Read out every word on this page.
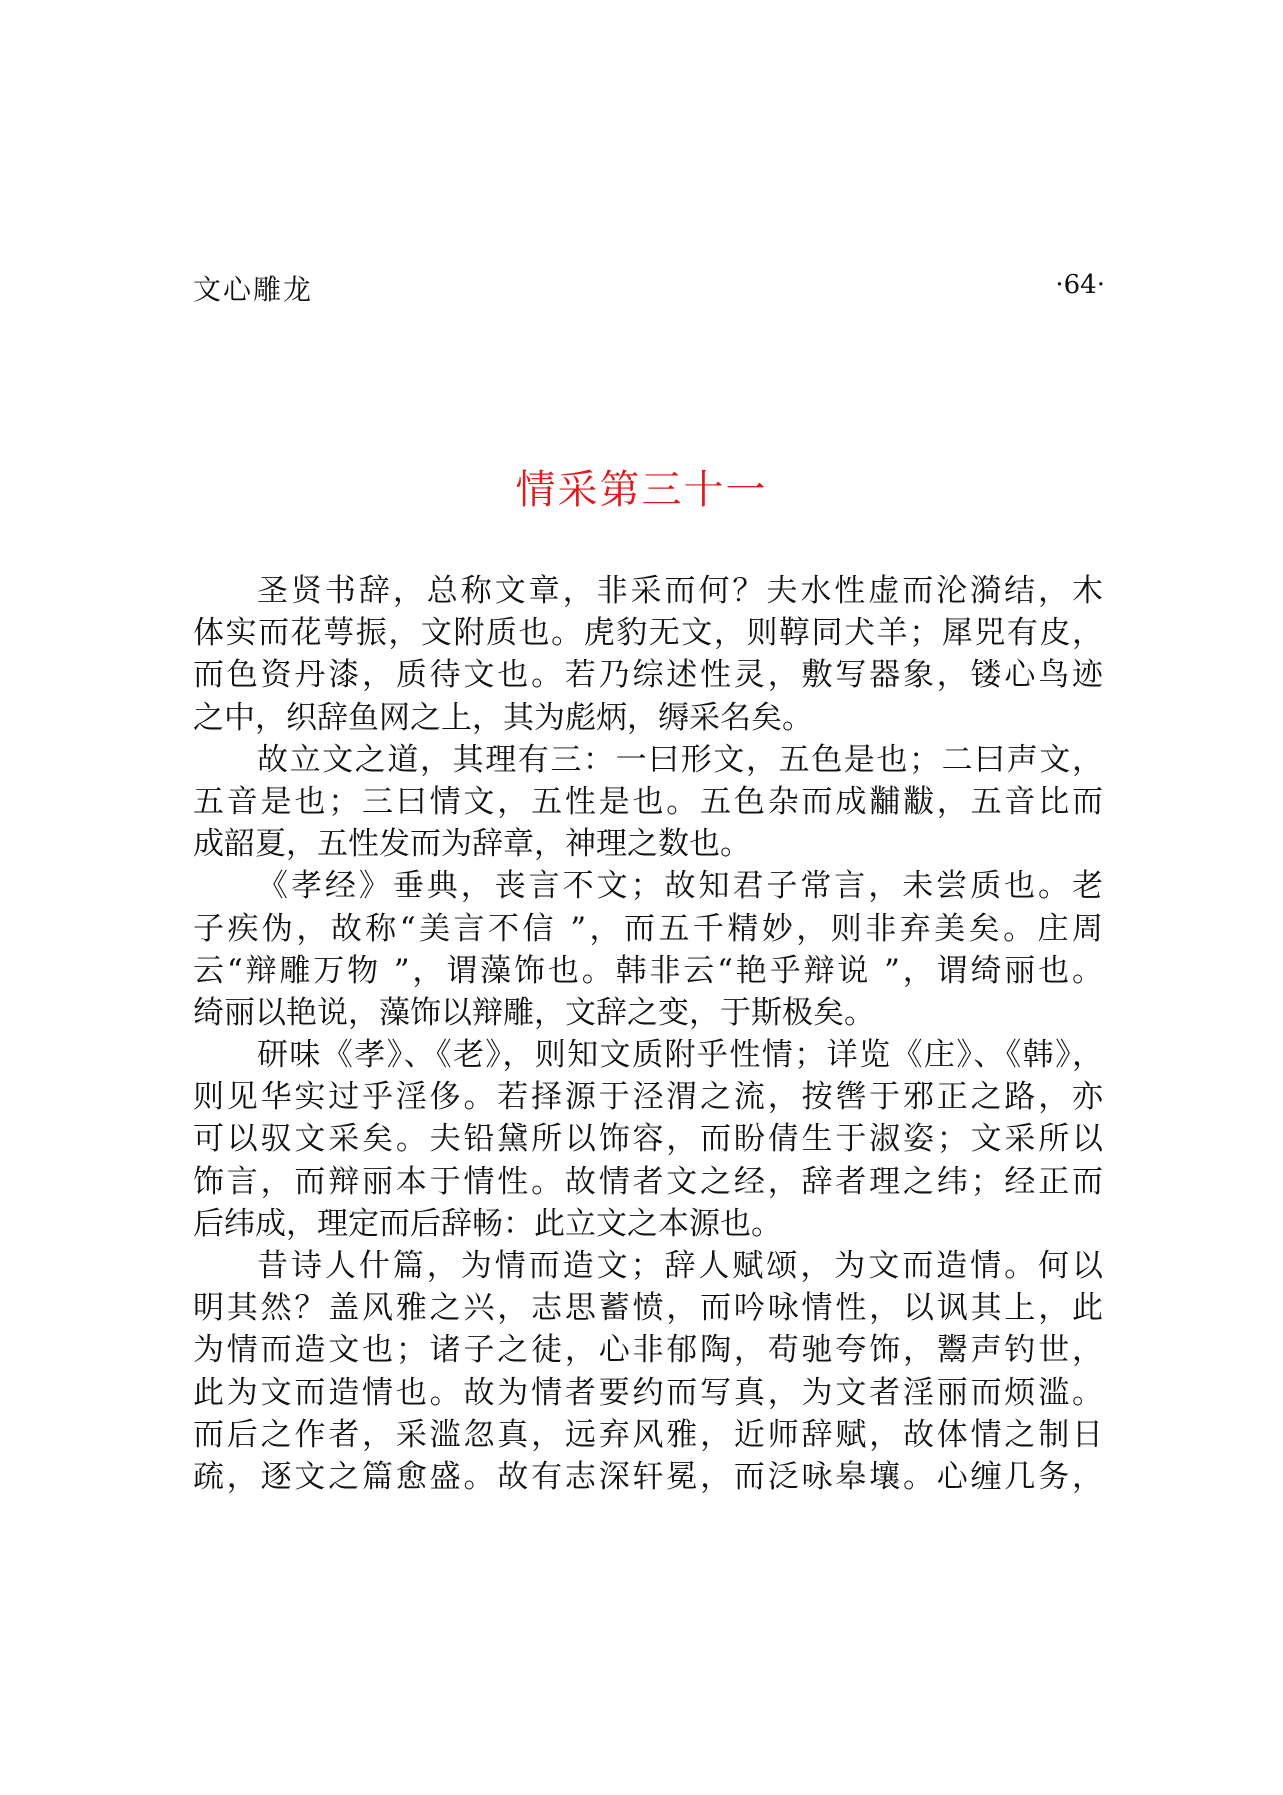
文心雕龙	·64·
情采第三十一
圣贤书辞，总称文章，非采而何？夫水性虚而沦漪结，木
体实而花萼振，文附质也。虎豹无文，则鞟同犬羊；犀兕有皮，
而色资丹漆，质待文也。若乃综述性灵，敷写器象，镂心鸟迹
之中，织辞鱼网之上，其为彪炳，缛采名矣。
故立文之道，其理有三：一曰形文，五色是也；二曰声文，
五音是也；三曰情文，五性是也。五色杂而成黼黻，五音比而
成韶夏，五性发而为辞章，神理之数也。
《孝经》垂典，丧言不文；故知君子常言，未尝质也。老
子疾伪，故称“美言不信 ”，而五千精妙，则非弃美矣。庄周
云“辩雕万物 ”，谓藻饰也。韩非云“艳乎辩说 ”，谓绮丽也。
绮丽以艳说，藻饰以辩雕，文辞之变，于斯极矣。
研味《孝》、《老》，则知文质附乎性情；详览《庄》、《韩》，
则见华实过乎淫侈。若择源于泾渭之流，按辔于邪正之路，亦
可以驭文采矣。夫铅黛所以饰容，而盼倩生于淑姿；文采所以
饰言，而辩丽本于情性。故情者文之经，辞者理之纬；经正而
后纬成，理定而后辞畅：此立文之本源也。
昔诗人什篇，为情而造文；辞人赋颂，为文而造情。何以
明其然？盖风雅之兴，志思蓄愤，而吟咏情性，以讽其上，此
为情而造文也；诸子之徒，心非郁陶，苟驰夸饰，鬻声钓世，
此为文而造情也。故为情者要约而写真，为文者淫丽而烦滥。
而后之作者，采滥忽真，远弃风雅，近师辞赋，故体情之制日
疏，逐文之篇愈盛。故有志深轩冕，而泛咏皋壤。心缠几务，
